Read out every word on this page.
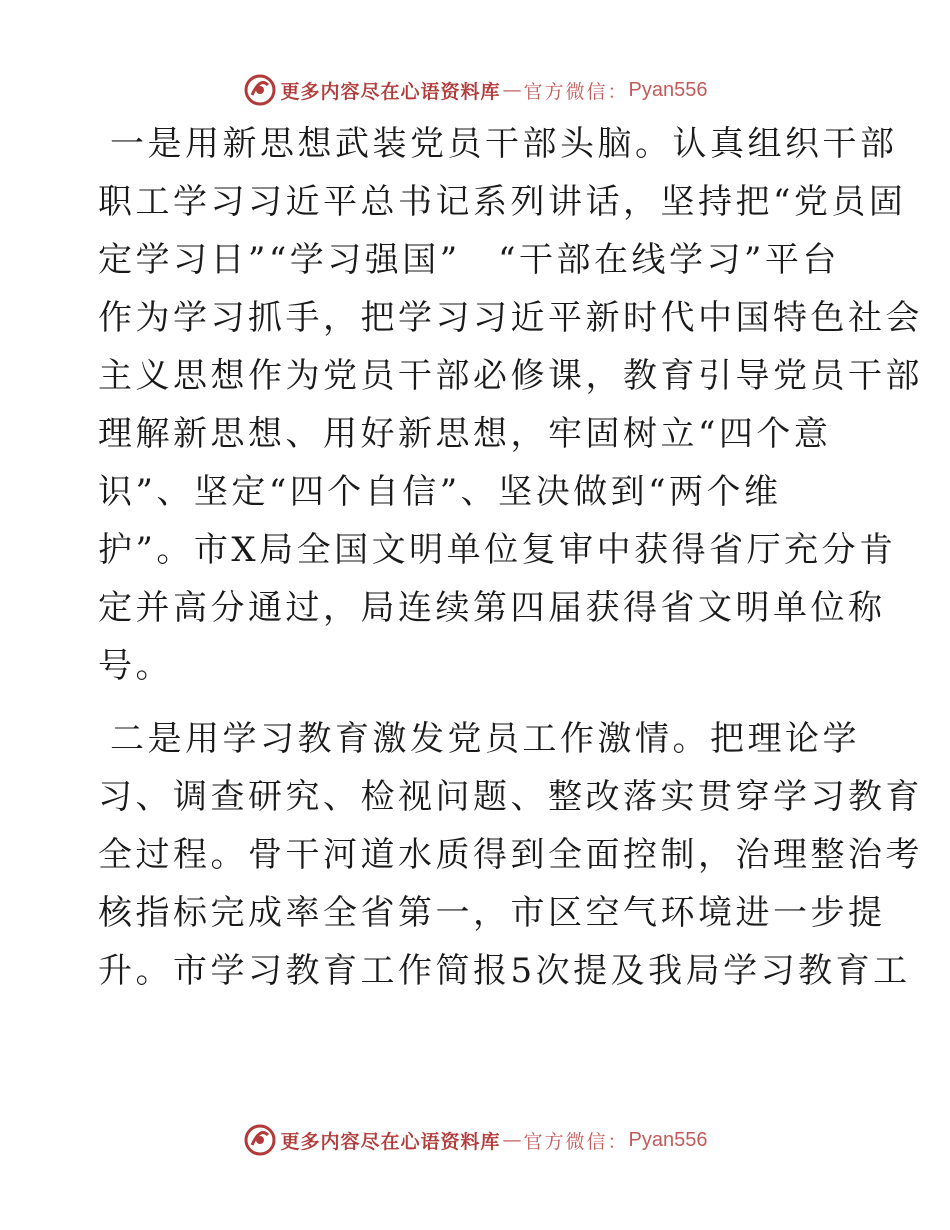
更多内容尽在心语资料库 — 官方微信： Pyan556
一是用新思想武装党员干部头脑。认真组织干部
职工学习习近平总书记系列讲话，坚持把“党员固
定学习日”“学习强国”　“干部在线学习”平台
作为学习抓手，把学习习近平新时代中国特色社会
主义思想作为党员干部必修课，教育引导党员干部
理解新思想、用好新思想，牢固树立“四个意
识”、坚定“四个自信”、坚决做到“两个维
护”。市X局全国文明单位复审中获得省厅充分肯
定并高分通过，局连续第四届获得省文明单位称
号。
二是用学习教育激发党员工作激情。把理论学
习、调查研究、检视问题、整改落实贯穿学习教育
全过程。骨干河道水质得到全面控制，治理整治考
核指标完成率全省第一，市区空气环境进一步提
升。市学习教育工作简报5次提及我局学习教育工
更多内容尽在心语资料库 — 官方微信： Pyan556
